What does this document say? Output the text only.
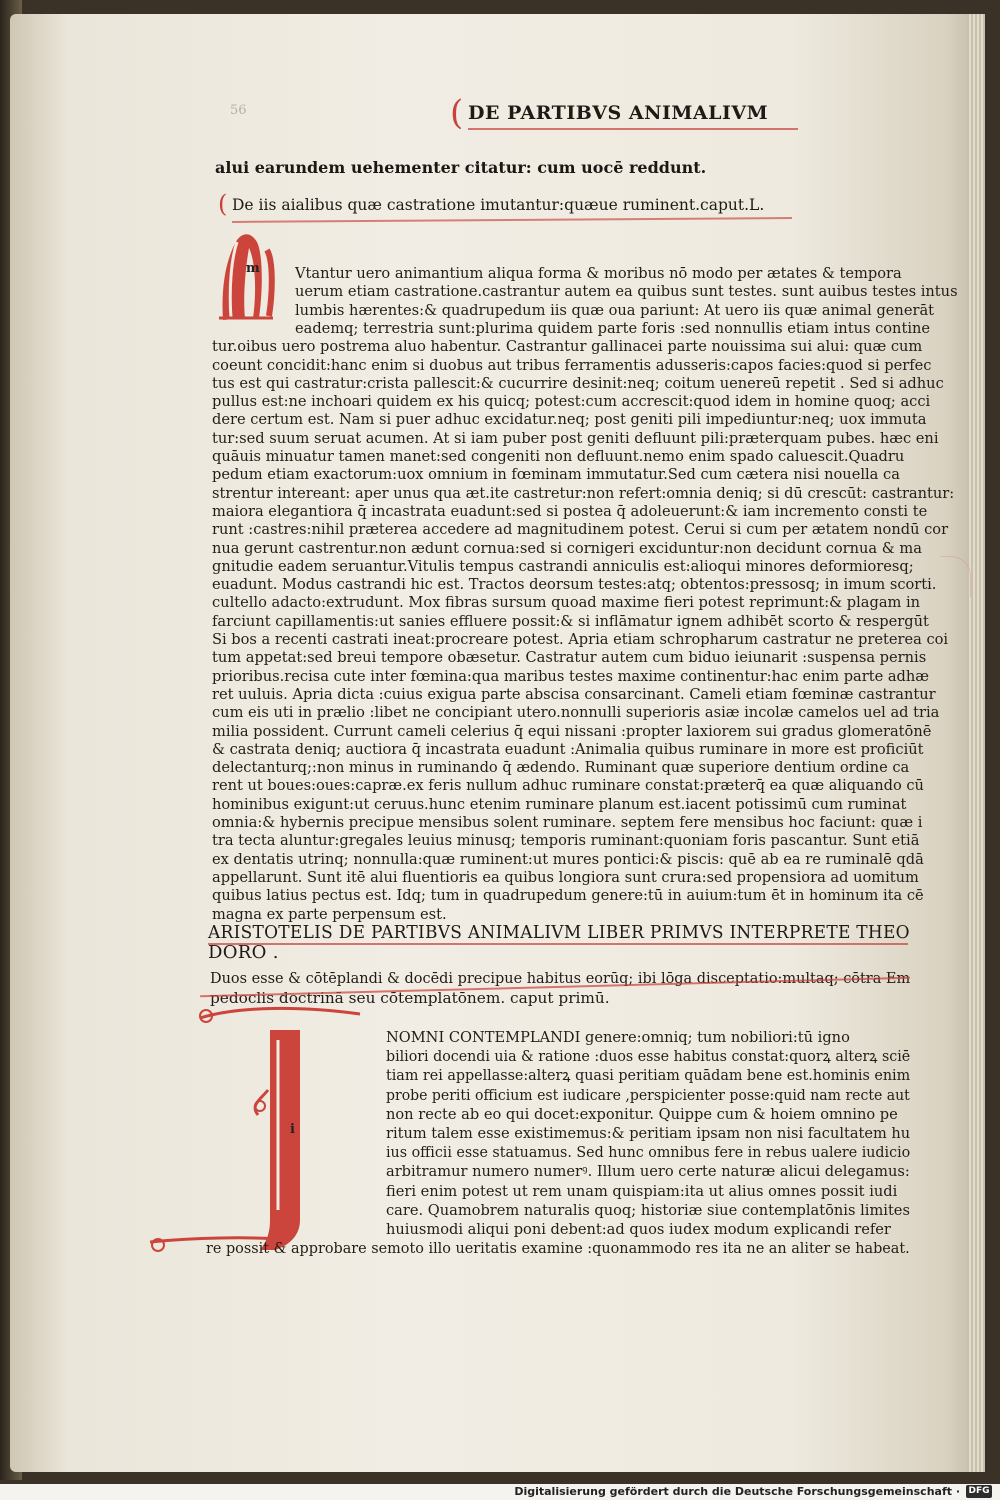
56	( DE PARTIBVS ANIMALIVM
alui earundem uehementer citatur: cum uocē reddunt.
( De iis aialibus quæ castratione imutantur:quæue ruminent.caput.L.
m Vtantur uero animantium aliqua forma & moribus nō modo per ætates & tempora
uerum etiam castratione.castrantur autem ea quibus sunt testes. sunt auibus testes intus
lumbis hærentes:& quadrupedum iis quæ oua pariunt: At uero iis quæ animal generāt
eademq; terrestria sunt:plurima quidem parte foris :sed nonnullis etiam intus contine
tur.oibus uero postrema aluo habentur. Castrantur gallinacei parte nouissima sui alui: quæ cum
coeunt concidit:hanc enim si duobus aut tribus ferramentis adusseris:capos facies:quod si perfec
tus est qui castratur:crista pallescit:& cucurrire desinit:neq; coitum uenereū repetit . Sed si adhuc
pullus est:ne inchoari quidem ex his quicq; potest:cum accrescit:quod idem in homine quoq; acci
dere certum est. Nam si puer adhuc excidatur.neq; post geniti pili impediuntur:neq; uox immuta
tur:sed suum seruat acumen. At si iam puber post geniti defluunt pili:præterquam pubes. hæc eni
quāuis minuatur tamen manet:sed congeniti non defluunt.nemo enim spado caluescit.Quadru
pedum etiam exactorum:uox omnium in fœminam immutatur.Sed cum cætera nisi nouella ca
strentur intereant: aper unus qua æt.ite castretur:non refert:omnia deniq; si dū crescūt: castrantur:
maiora elegantiora q̄ incastrata euadunt:sed si postea q̄ adoleuerunt:& iam incremento consti te
runt :castres:nihil præterea accedere ad magnitudinem potest. Cerui si cum per ætatem nondū cor
nua gerunt castrentur.non ædunt cornua:sed si cornigeri exciduntur:non decidunt cornua & ma
gnitudie eadem seruantur.Vitulis tempus castrandi anniculis est:alioqui minores deformioresq;
euadunt. Modus castrandi hic est. Tractos deorsum testes:atq; obtentos:pressosq; in imum scorti.
cultello adacto:extrudunt. Mox fibras sursum quoad maxime fieri potest reprimunt:& plagam in
farciunt capillamentis:ut sanies effluere possit:& si inflāmatur ignem adhibēt scorto & respergūt
Si bos a recenti castrati ineat:procreare potest. Apria etiam schropharum castratur ne preterea coi
tum appetat:sed breui tempore obæsetur. Castratur autem cum biduo ieiunarit :suspensa pernis
prioribus.recisa cute inter fœmina:qua maribus testes maxime continentur:hac enim parte adhæ
ret uuluis. Apria dicta :cuius exigua parte abscisa consarcinant. Cameli etiam fœminæ castrantur
cum eis uti in prælio :libet ne concipiant utero.nonnulli superioris asiæ incolæ camelos uel ad tria
milia possident. Currunt cameli celerius q̄ equi nissani :propter laxiorem sui gradus glomeratōnē
& castrata deniq; auctiora q̄ incastrata euadunt :Animalia quibus ruminare in more est proficiūt
delectanturq;:non minus in ruminando q̄ ædendo. Ruminant quæ superiore dentium ordine ca
rent ut boues:oues:capræ.ex feris nullum adhuc ruminare constat:præterq̄ ea quæ aliquando cū
hominibus exigunt:ut ceruus.hunc etenim ruminare planum est.iacent potissimū cum ruminat
omnia:& hybernis precipue mensibus solent ruminare. septem fere mensibus hoc faciunt: quæ i
tra tecta aluntur:gregales leuius minusq; temporis ruminant:quoniam foris pascantur. Sunt etiā
ex dentatis utrinq; nonnulla:quæ ruminent:ut mures pontici:& piscis: quē ab ea re ruminalē qdā
appellarunt. Sunt itē alui fluentioris ea quibus longiora sunt crura:sed propensiora ad uomitum
quibus latius pectus est. Idq; tum in quadrupedum genere:tū in auium:tum ēt in hominum ita cē
magna ex parte perpensum est.
ARISTOTELIS DE PARTIBVS ANIMALIVM LIBER PRIMVS INTERPRETE THEO
DORO .
Duos esse & cōtēplandi & docēdi precipue habitus eorūq; ibi lōga disceptatio:multaq; cōtra Em
pedoclis doctrinā seu cōtemplatōnem. caput primū.
i
NOMNI CONTEMPLANDI genere:omniq; tum nobiliori:tū igno
biliori docendi uia & ratione :duos esse habitus constat:quorꝝ alterꝝ sciē
tiam rei appellasse:alterꝝ quasi peritiam quādam bene est.hominis enim
probe periti officium est iudicare ,perspicienter posse:quid nam recte aut
non recte ab eo qui docet:exponitur. Quippe cum & hoiem omnino pe
ritum talem esse existimemus:& peritiam ipsam non nisi facultatem hu
ius officii esse statuamus. Sed hunc omnibus fere in rebus ualere iudicio
arbitramur numero numerꝰ. Illum uero certe naturæ alicui delegamus:
fieri enim potest ut rem unam quispiam:ita ut alius omnes possit iudi
care. Quamobrem naturalis quoq; historiæ siue contemplatōnis limites
huiusmodi aliqui poni debent:ad quos iudex modum explicandi refer
re possit & approbare semoto illo ueritatis examine :quonammodo res ita ne an aliter se habeat.
Digitalisierung gefördert durch die Deutsche Forschungsgemeinschaft · DFG
